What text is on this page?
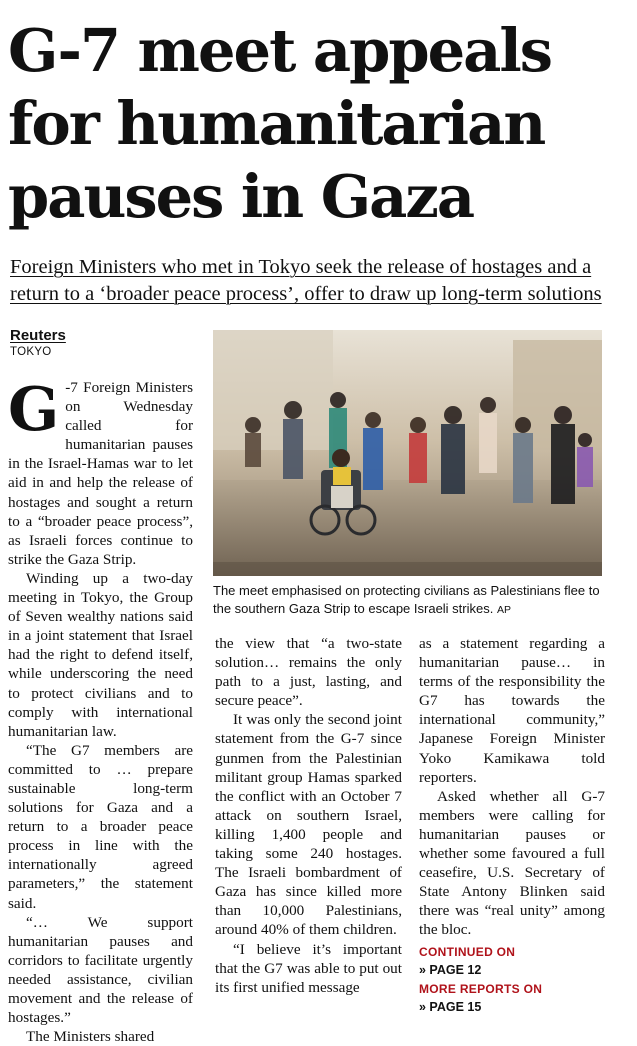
G-7 meet appeals for humanitarian pauses in Gaza

Foreign Ministers who met in Tokyo seek the release of hostages and a return to a ‘broader peace process’, offer to draw up long-term solutions

Reuters
TOKYO

The meet emphasised on protecting civilians as Palestinians flee to the southern Gaza Strip to escape Israeli strikes. AP

G -7 Foreign Ministers on Wednesday called for humanitarian pauses in the Israel-Hamas war to let aid in and help the release of hostages and sought a return to a “broader peace process”, as Israeli forces continue to strike the Gaza Strip.

Winding up a two-day meeting in Tokyo, the Group of Seven wealthy nations said in a joint statement that Israel had the right to defend itself, while underscoring the need to protect civilians and to comply with international humanitarian law.

“The G7 members are committed to … prepare sustainable long-term solutions for Gaza and a return to a broader peace process in line with the internationally agreed parameters,” the statement said.

“… We support humanitarian pauses and corridors to facilitate urgently needed assistance, civilian movement and the release of hostages.”

The Ministers shared

the view that “a two-state solution… remains the only path to a just, lasting, and secure peace”.

It was only the second joint statement from the G-7 since gunmen from the Palestinian militant group Hamas sparked the conflict with an October 7 attack on southern Israel, killing 1,400 people and taking some 240 hostages. The Israeli bombardment of Gaza has since killed more than 10,000 Palestinians, around 40% of them children.

“I believe it’s important that the G7 was able to put out its first unified message

as a statement regarding a humanitarian pause… in terms of the responsibility the G7 has towards the international community,” Japanese Foreign Minister Yoko Kamikawa told reporters.

Asked whether all G-7 members were calling for humanitarian pauses or whether some favoured a full ceasefire, U.S. Secretary of State Antony Blinken said there was “real unity” among the bloc.

CONTINUED ON
» PAGE 12
MORE REPORTS ON
» PAGE 15
